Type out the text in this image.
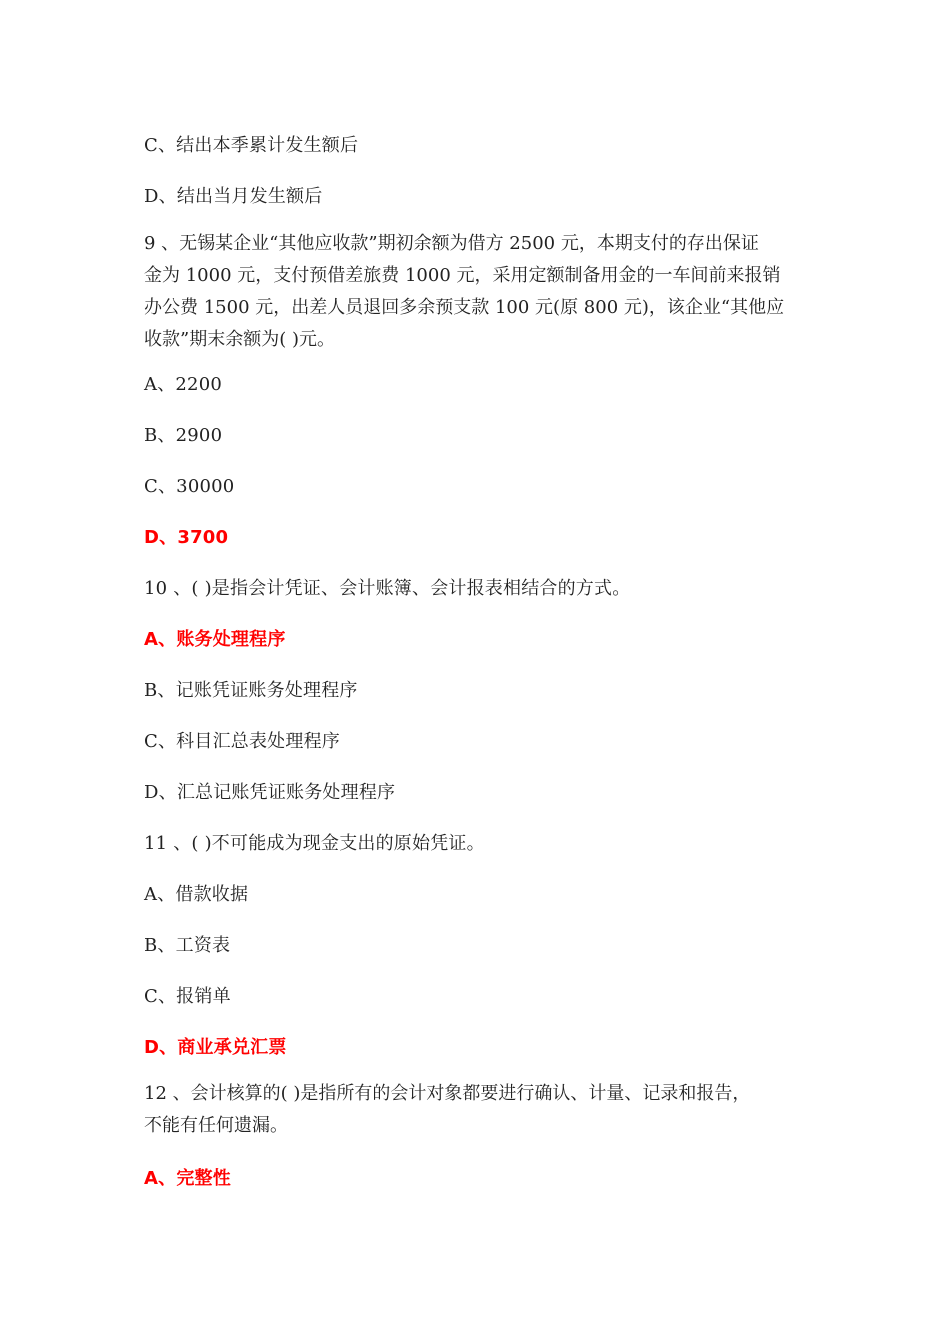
C、结出本季累计发生额后
D、结出当月发生额后
9 、无锡某企业“其他应收款”期初余额为借方 2500 元，本期支付的存出保证
金为 1000 元，支付预借差旅费 1000 元，采用定额制备用金的一车间前来报销
办公费 1500 元，出差人员退回多余预支款 100 元(原 800 元)，该企业“其他应
收款”期末余额为( )元。
A、2200
B、2900
C、30000
D、3700
10 、( )是指会计凭证、会计账簿、会计报表相结合的方式。
A、账务处理程序
B、记账凭证账务处理程序
C、科目汇总表处理程序
D、汇总记账凭证账务处理程序
11 、( )不可能成为现金支出的原始凭证。
A、借款收据
B、工资表
C、报销单
D、商业承兑汇票
12 、会计核算的( )是指所有的会计对象都要进行确认、计量、记录和报告，
不能有任何遗漏。
A、完整性
